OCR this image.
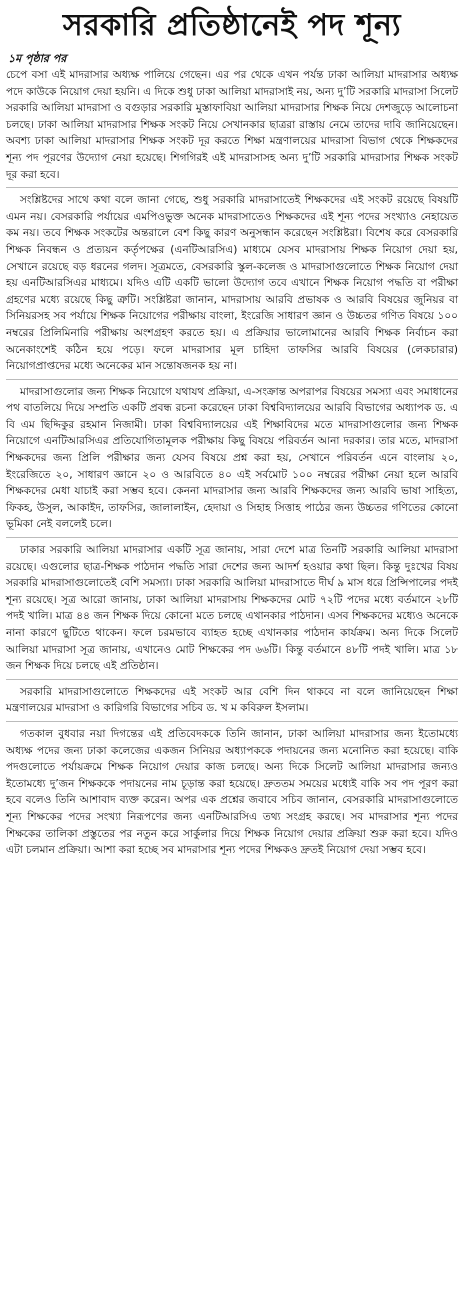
সরকারি প্রতিষ্ঠানেই পদ শূন্য
১ম পৃষ্ঠার পর

চেপে বসা এই মাদরাসার অধ্যক্ষ পালিয়ে গেছেন। এর পর থেকে এখন পর্যন্ত ঢাকা আলিয়া মাদরাসার অধ্যক্ষ পদে কাউকে নিয়োগ দেয়া হয়নি। এ দিকে শুধু ঢাকা আলিয়া মাদরাসাই নয়, অন্য দু’টি সরকারি মাদরাসা সিলেট সরকারি আলিয়া মাদরাসা ও বগুড়ার সরকারি মুস্তাফাবিয়া আলিয়া মাদরাসার শিক্ষক নিয়ে দেশজুড়ে আলোচনা চলছে। ঢাকা আলিয়া মাদরাসার শিক্ষক সংকট নিয়ে সেখানকার ছাত্ররা রাস্তায় নেমে তাদের দাবি জানিয়েছেন। অবশ্য ঢাকা আলিয়া মাদরাসার শিক্ষক সংকট দূর করতে শিক্ষা মন্ত্রণালয়ের মাদরাসা বিভাগ থেকে শিক্ষকদের শূন্য পদ পূরণের উদ্যোগ নেয়া হয়েছে। শিগগিরই এই মাদরাসাসহ অন্য দু’টি সরকারি মাদরাসার শিক্ষক সংকট দূর করা হবে।

সংশ্লিষ্টদের সাথে কথা বলে জানা গেছে, শুধু সরকারি মাদরাসাতেই শিক্ষকদের এই সংকট রয়েছে বিষয়টি এমন নয়। বেসরকারি পর্যায়ের এমপিওভুক্ত অনেক মাদরাসাতেও শিক্ষকদের এই শূন্য পদের সংখ্যাও নেহায়েত কম নয়। তবে শিক্ষক সংকটের অন্তরালে বেশ কিছু কারণ অনুসন্ধান করেছেন সংশ্লিষ্টরা। বিশেষ করে বেসরকারি শিক্ষক নিবন্ধন ও প্রত্যয়ন কর্তৃপক্ষের (এনটিআরসিএ) মাধ্যমে যেসব মাদরাসায় শিক্ষক নিয়োগ দেয়া হয়, সেখানে রয়েছে বড় ধরনের গলদ। সূত্রমতে, বেসরকারি স্কুল-কলেজ ও মাদরাসাগুলোতে শিক্ষক নিয়োগ দেয়া হয় এনটিআরসিএর মাধ্যমে। যদিও এটি একটি ভালো উদ্যোগ তবে এখানে শিক্ষক নিয়োগ পদ্ধতি বা পরীক্ষা গ্রহণের মধ্যে রয়েছে কিছু ত্রুটি। সংশ্লিষ্টরা জানান, মাদরাসায় আরবি প্রভাষক ও আরবি বিষয়ের জুনিয়র বা সিনিয়রসহ সব পর্যায়ে শিক্ষক নিয়োগের পরীক্ষায় বাংলা, ইংরেজি সাধারণ জ্ঞান ও উচ্চতর গণিত বিষয়ে ১০০ নম্বরের প্রিলিমিনারি পরীক্ষায় অংশগ্রহণ করতে হয়। এ প্রক্রিয়ার ভালোমানের আরবি শিক্ষক নির্বাচন করা অনেকাংশেই কঠিন হয়ে পড়ে। ফলে মাদরাসার মূল চাহিদা তাফসির আরবি বিষয়ের (লেকচারার) নিয়োগপ্রাপ্তদের মধ্যে অনেকের মান সন্তোষজনক হয় না।

মাদরাসাগুলোর জন্য শিক্ষক নিয়োগে যথাযথ প্রক্রিয়া, এ-সংক্রান্ত অপরাপর বিষয়ের সমস্যা এবং সমাধানের পথ বাতলিয়ে দিয়ে সম্প্রতি একটি প্রবন্ধ রচনা করেছেন ঢাকা বিশ্ববিদ্যালয়ের আরবি বিভাগের অধ্যাপক ড. এ বি এম ছিদ্দিকুর রহমান নিজামী। ঢাকা বিশ্ববিদ্যালয়ের এই শিক্ষাবিদের মতে মাদরাসাগুলোর জন্য শিক্ষক নিয়োগে এনটিআরসিএর প্রতিযোগিতামূলক পরীক্ষায় কিছু বিষয়ে পরিবর্তন আনা দরকার। তার মতে, মাদরাসা শিক্ষকদের জন্য প্রিলি পরীক্ষার জন্য যেসব বিষয়ে প্রশ্ন করা হয়, সেখানে পরিবর্তন এনে বাংলায় ২০, ইংরেজিতে ২০, সাধারণ জ্ঞানে ২০ ও আরবিতে ৪০ এই সর্বমোট ১০০ নম্বরের পরীক্ষা নেয়া হলে আরবি শিক্ষকদের মেধা যাচাই করা সম্ভব হবে। কেননা মাদরাসার জন্য আরবি শিক্ষকদের জন্য আরবি ভাষা সাহিত্য, ফিকহ, উসুল, আকাইদ, তাফসির, জালালাইন, হেদায়া ও সিহাহ সিত্তাহ পাঠের জন্য উচ্চতর গণিতের কোনো ভূমিকা নেই বললেই চলে।

ঢাকার সরকারি আলিয়া মাদরাসার একটি সূত্র জানায়, সারা দেশে মাত্র তিনটি সরকারি আলিয়া মাদরাসা রয়েছে। এগুলোর ছাত্র-শিক্ষক পাঠদান পদ্ধতি সারা দেশের জন্য আদর্শ হওয়ার কথা ছিল। কিন্তু দুঃখের বিষয় সরকারি মাদরাসাগুলোতেই বেশি সমস্যা। ঢাকা সরকারি আলিয়া মাদরাসাতে দীর্ঘ ৯ মাস ধরে প্রিন্সিপালের পদই শূন্য রয়েছে। সূত্র আরো জানায়, ঢাকা আলিয়া মাদরাসায় শিক্ষকদের মোট ৭২টি পদের মধ্যে বর্তমানে ২৮টি পদই খালি। মাত্র ৪৪ জন শিক্ষক দিয়ে কোনো মতে চলছে এখানকার পাঠদান। এসব শিক্ষকদের মধ্যেও অনেকে নানা কারণে ছুটিতে থাকেন। ফলে চরমভাবে ব্যাহত হচ্ছে এখানকার পাঠদান কার্যক্রম। অন্য দিকে সিলেট আলিয়া মাদরাসা সূত্র জানায়, এখানেও মোট শিক্ষকের পদ ৬৬টি। কিন্তু বর্তমানে ৪৮টি পদই খালি। মাত্র ১৮ জন শিক্ষক দিয়ে চলছে এই প্রতিষ্ঠান।

সরকারি মাদরাসাগুলোতে শিক্ষকদের এই সংকট আর বেশি দিন থাকবে না বলে জানিয়েছেন শিক্ষা মন্ত্রণালয়ের মাদরাসা ও কারিগরি বিভাগের সচিব ড. খ ম কবিরুল ইসলাম।

গতকাল বুধবার নয়া দিগন্তের এই প্রতিবেদককে তিনি জানান, ঢাকা আলিয়া মাদরাসার জন্য ইতোমধ্যে অধ্যক্ষ পদের জন্য ঢাকা কলেজের একজন সিনিয়র অধ্যাপককে পদায়নের জন্য মনোনিত করা হয়েছে। বাকি পদগুলোতে পর্যায়ক্রমে শিক্ষক নিয়োগ দেয়ার কাজ চলছে। অন্য দিকে সিলেট আলিয়া মাদরাসার জন্যও ইতোমধ্যে দু’জন শিক্ষককে পদায়নের নাম চূড়ান্ত করা হয়েছে। দ্রুততম সময়ের মধ্যেই বাকি সব পদ পূরণ করা হবে বলেও তিনি আশাবাদ ব্যক্ত করেন। অপর এক প্রশ্নের জবাবে সচিব জানান, বেসরকারি মাদরাসাগুলোতে শূন্য শিক্ষকের পদের সংখ্যা নিরূপণের জন্য এনটিআরসিএ তথ্য সংগ্রহ করছে। সব মাদরাসার শূন্য পদের শিক্ষকের তালিকা প্রস্তুতের পর নতুন করে সার্কুলার দিয়ে শিক্ষক নিয়োগ দেয়ার প্রক্রিয়া শুরু করা হবে। যদিও এটা চলমান প্রক্রিয়া। আশা করা হচ্ছে সব মাদরাসার শূন্য পদের শিক্ষকও দ্রুতই নিয়োগ দেয়া সম্ভব হবে।
